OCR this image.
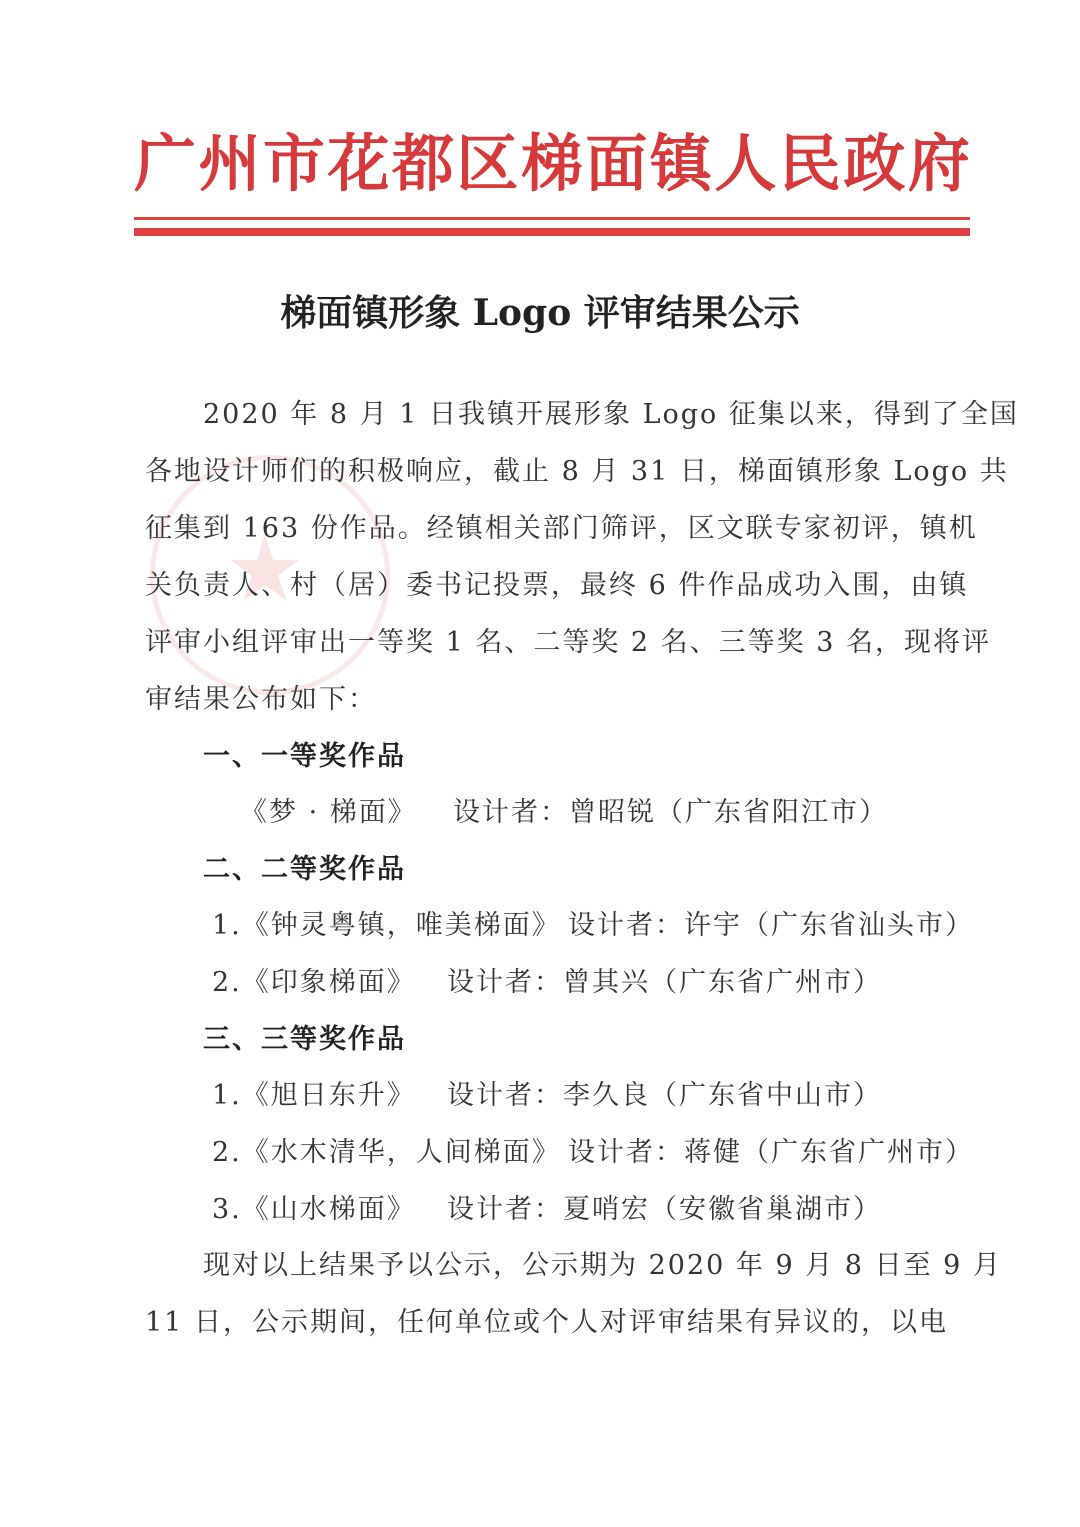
★
广 州 市 花 都 区 梯 面 镇 人 民 政 府
梯面镇形象 Logo 评审结果公示
2020 年 8 月 1 日我镇开展形象 Logo 征集以来，得到了全国
各地设计师们的积极响应，截止 8 月 31 日，梯面镇形象 Logo 共
征集到 163 份作品。经镇相关部门筛评，区文联专家初评，镇机
关负责人、村（居）委书记投票，最终 6 件作品成功入围，由镇
评审小组评审出一等奖 1 名、二等奖 2 名、三等奖 3 名，现将评
审结果公布如下：
一、一等奖作品
《梦 · 梯面》 设计者：曾昭锐（广东省阳江市）
二、二等奖作品
1.《钟灵粤镇，唯美梯面》 设计者：许宇（广东省汕头市）
2.《印象梯面》 设计者：曾其兴（广东省广州市）
三、三等奖作品
1.《旭日东升》 设计者：李久良（广东省中山市）
2.《水木清华，人间梯面》 设计者：蒋健（广东省广州市）
3.《山水梯面》 设计者：夏哨宏（安徽省巢湖市）
现对以上结果予以公示，公示期为 2020 年 9 月 8 日至 9 月
11 日，公示期间，任何单位或个人对评审结果有异议的，以电
